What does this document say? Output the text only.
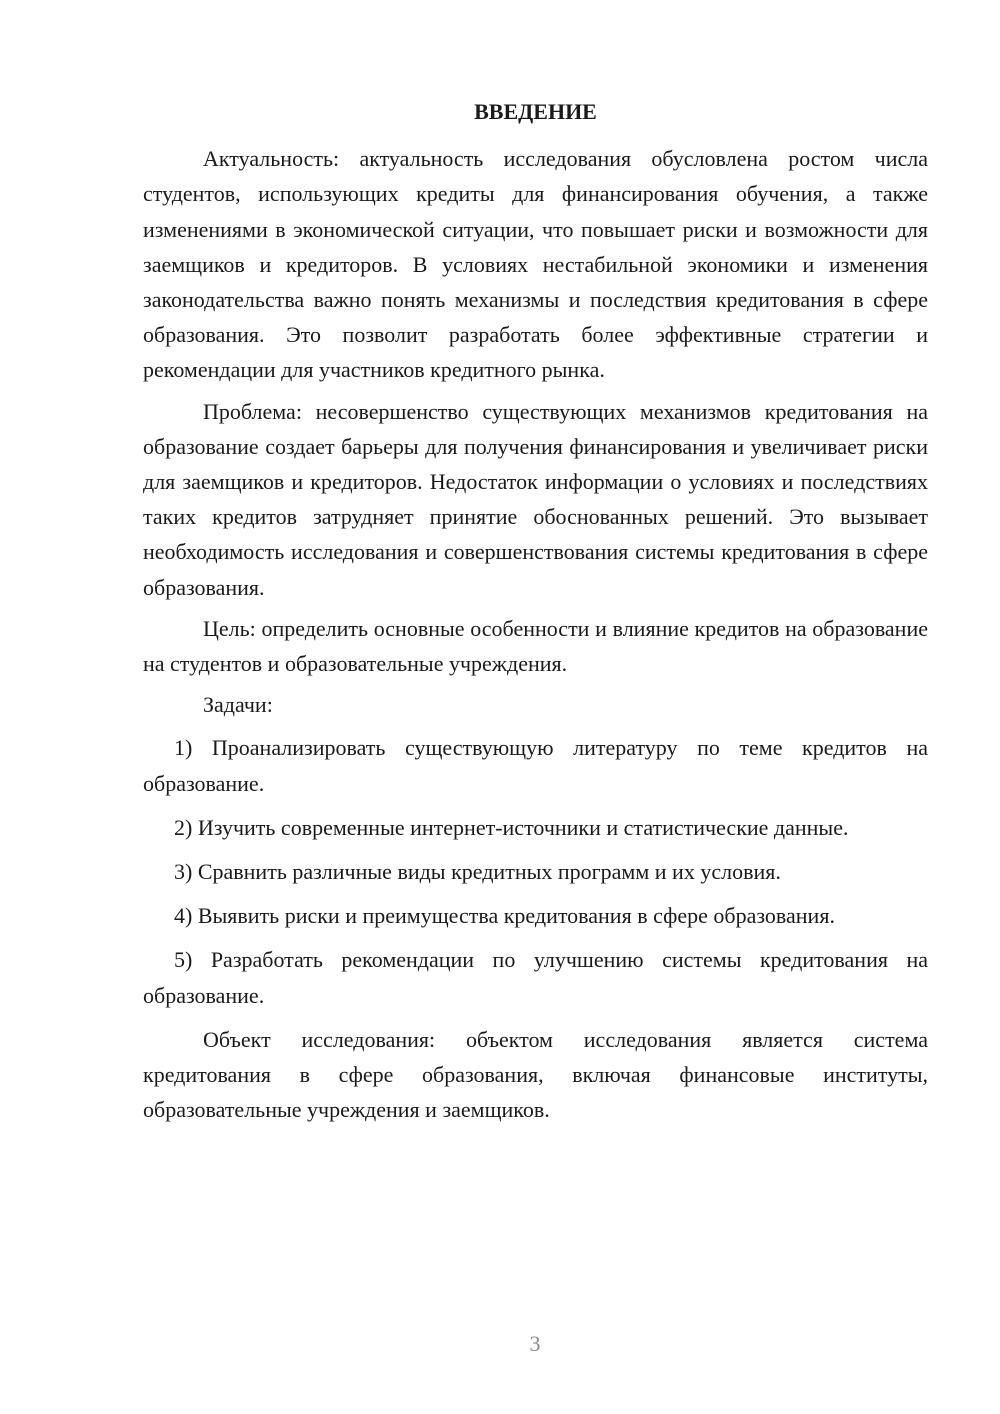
ВВЕДЕНИЕ

Актуальность: актуальность исследования обусловлена ростом числа студентов, использующих кредиты для финансирования обучения, а также изменениями в экономической ситуации, что повышает риски и возможности для заемщиков и кредиторов. В условиях нестабильной экономики и изменения законодательства важно понять механизмы и последствия кредитования в сфере образования. Это позволит разработать более эффективные стратегии и рекомендации для участников кредитного рынка.

Проблема: несовершенство существующих механизмов кредитования на образование создает барьеры для получения финансирования и увеличивает риски для заемщиков и кредиторов. Недостаток информации о условиях и последствиях таких кредитов затрудняет принятие обоснованных решений. Это вызывает необходимость исследования и совершенствования системы кредитования в сфере образования.

Цель: определить основные особенности и влияние кредитов на образование на студентов и образовательные учреждения.

Задачи:

1) Проанализировать существующую литературу по теме кредитов на образование.

2) Изучить современные интернет-источники и статистические данные.

3) Сравнить различные виды кредитных программ и их условия.

4) Выявить риски и преимущества кредитования в сфере образования.

5) Разработать рекомендации по улучшению системы кредитования на образование.

Объект исследования: объектом исследования является система кредитования в сфере образования, включая финансовые институты, образовательные учреждения и заемщиков.

3
